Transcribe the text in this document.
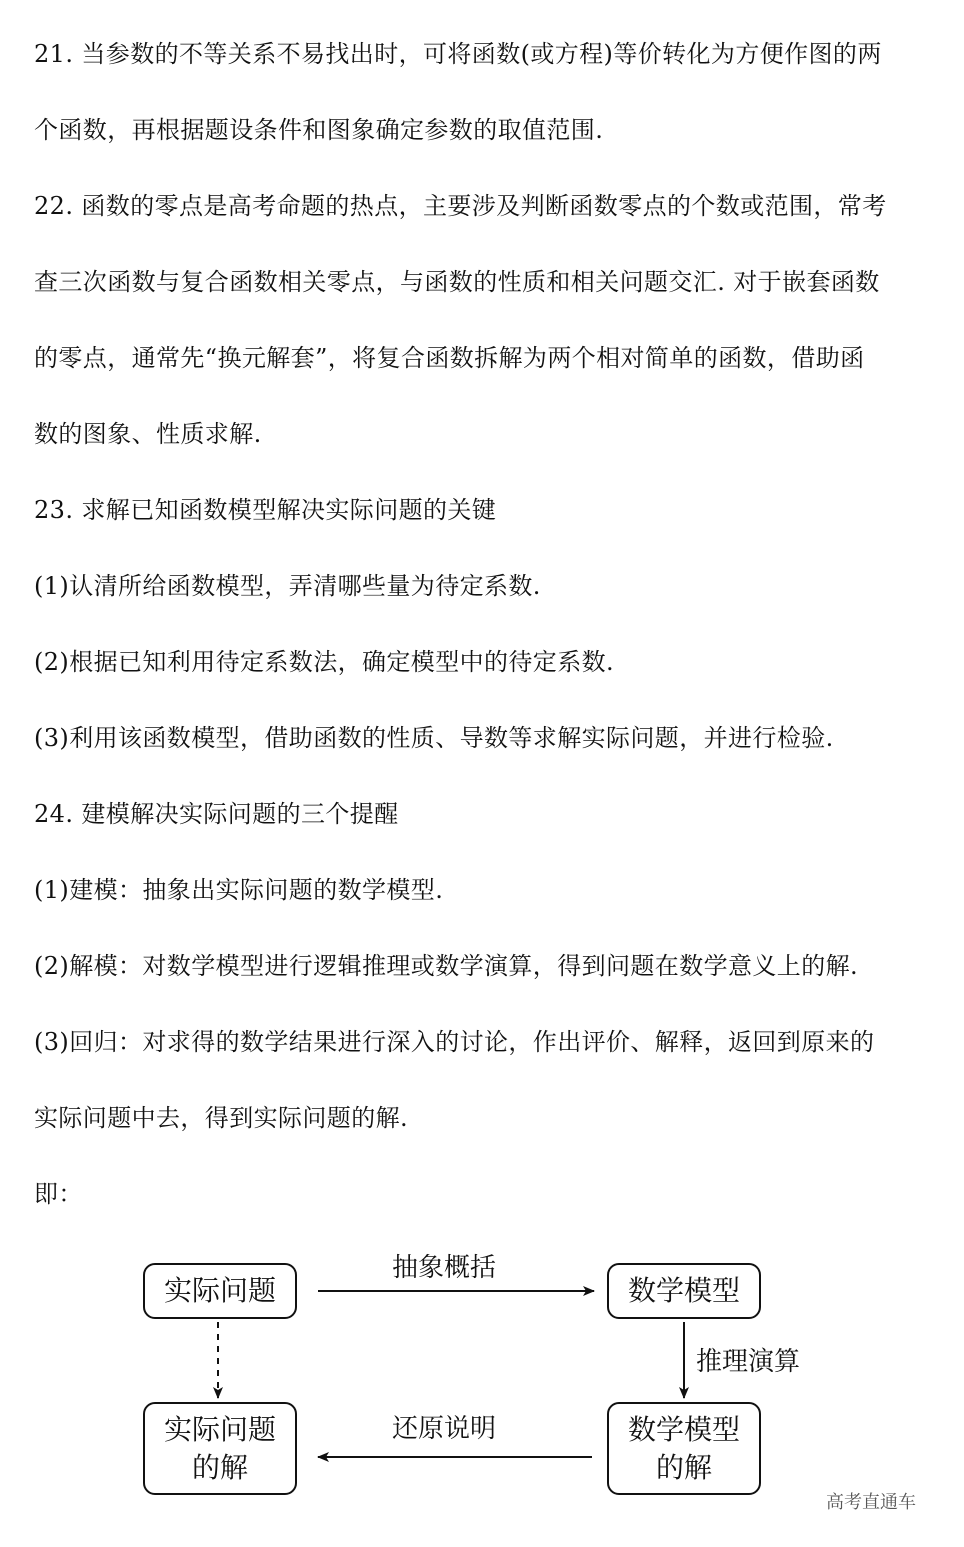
21. 当参数的不等关系不易找出时，可将函数(或方程)等价转化为方便作图的两
个函数，再根据题设条件和图象确定参数的取值范围.
22. 函数的零点是高考命题的热点，主要涉及判断函数零点的个数或范围，常考
查三次函数与复合函数相关零点，与函数的性质和相关问题交汇. 对于嵌套函数
的零点，通常先“换元解套”，将复合函数拆解为两个相对简单的函数，借助函
数的图象、性质求解.
23. 求解已知函数模型解决实际问题的关键
(1)认清所给函数模型，弄清哪些量为待定系数.
(2)根据已知利用待定系数法，确定模型中的待定系数.
(3)利用该函数模型，借助函数的性质、导数等求解实际问题，并进行检验.
24. 建模解决实际问题的三个提醒
(1)建模：抽象出实际问题的数学模型.
(2)解模：对数学模型进行逻辑推理或数学演算，得到问题在数学意义上的解.
(3)回归：对求得的数学结果进行深入的讨论，作出评价、解释，返回到原来的
实际问题中去，得到实际问题的解.
即：
实际问题	数学模型
实际问题
的解
数学模型
的解
抽象概括
推理演算
还原说明
高考直通车
